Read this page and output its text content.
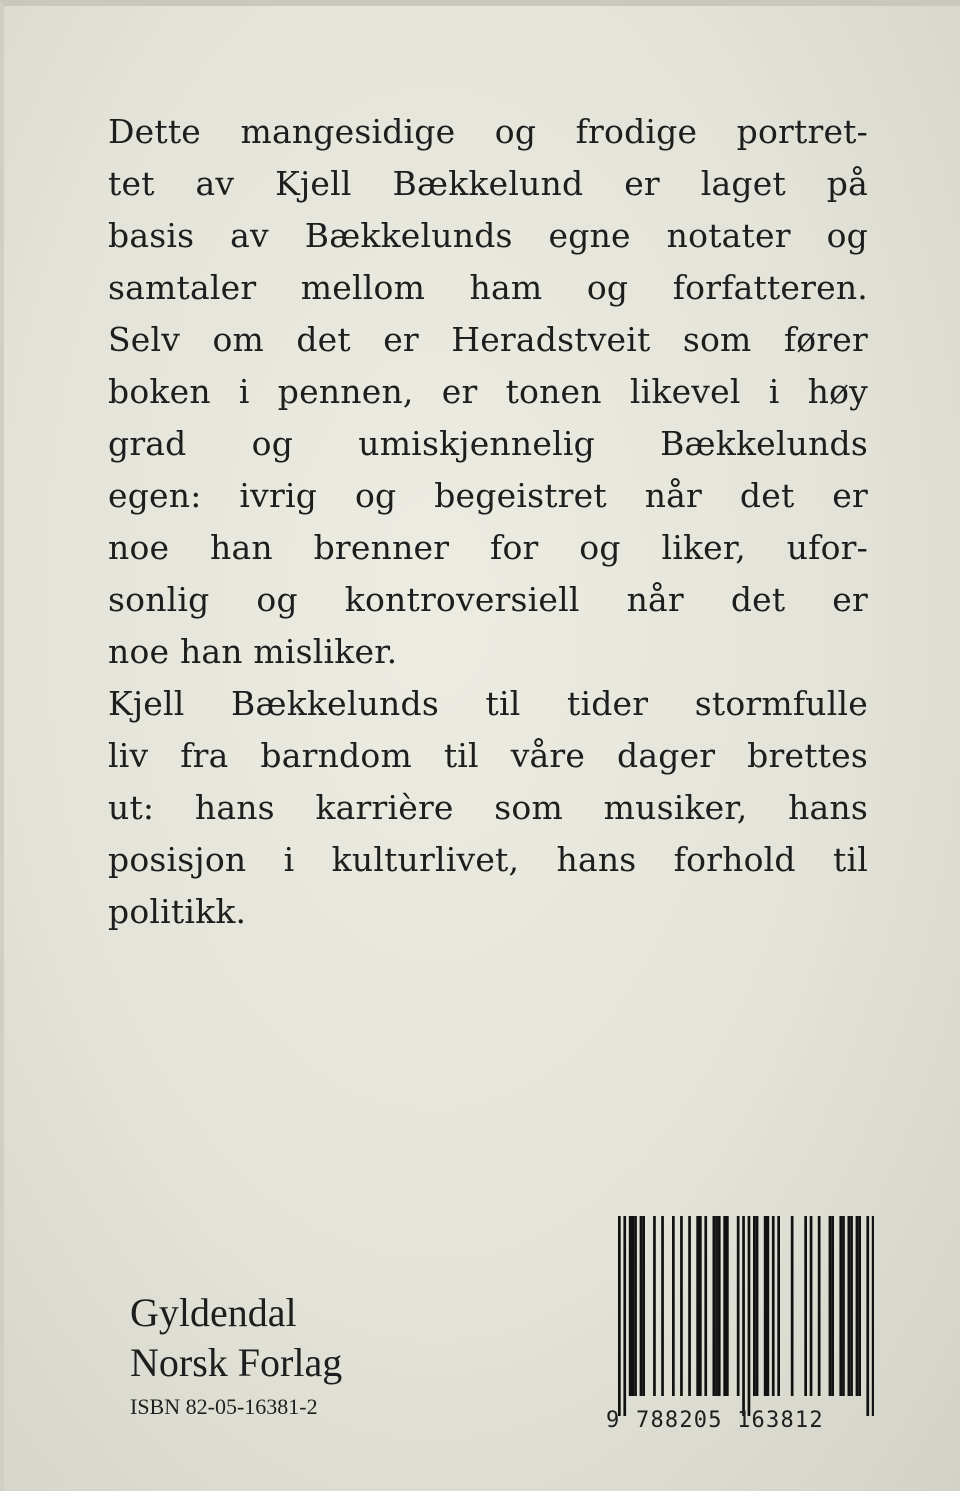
Dette mangesidige og frodige portret-
tet av Kjell Bækkelund er laget på
basis av Bækkelunds egne notater og
samtaler mellom ham og forfatteren.
Selv om det er Heradstveit som fører
boken i pennen, er tonen likevel i høy
grad og umiskjennelig Bækkelunds
egen: ivrig og begeistret når det er
noe han brenner for og liker, ufor-
sonlig og kontroversiell når det er
noe han misliker.
Kjell Bækkelunds til tider stormfulle
liv fra barndom til våre dager brettes
ut: hans karrière som musiker, hans
posisjon i kulturlivet, hans forhold til
politikk.
Gyldendal
Norsk Forlag
ISBN 82-05-16381-2
9 788205 163812
